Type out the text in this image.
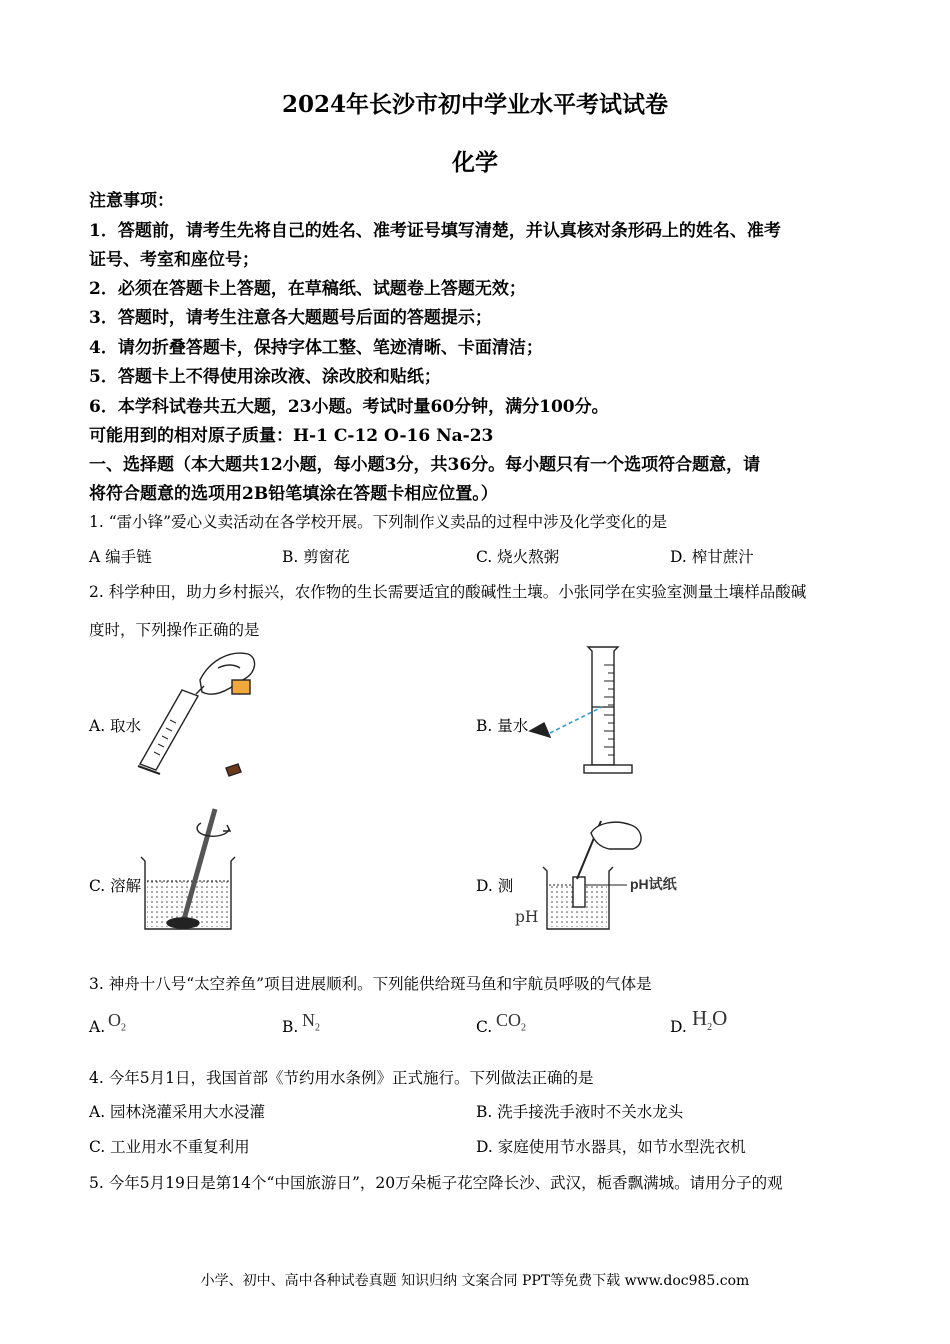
2024年长沙市初中学业水平考试试卷
化学
注意事项：
1．答题前，请考生先将自己的姓名、准考证号填写清楚，并认真核对条形码上的姓名、准考
证号、考室和座位号；
2．必须在答题卡上答题，在草稿纸、试题卷上答题无效；
3．答题时，请考生注意各大题题号后面的答题提示；
4．请勿折叠答题卡，保持字体工整、笔迹清晰、卡面清洁；
5．答题卡上不得使用涂改液、涂改胶和贴纸；
6．本学科试卷共五大题，23小题。考试时量60分钟，满分100分。
可能用到的相对原子质量：H-1 C-12 O-16 Na-23
一、选择题（本大题共12小题，每小题3分，共36分。每小题只有一个选项符合题意，请
将符合题意的选项用2B铅笔填涂在答题卡相应位置。）
1. “雷小锋”爱心义卖活动在各学校开展。下列制作义卖品的过程中涉及化学变化的是
A 编手链	B. 剪窗花	C. 烧火熬粥	D. 榨甘蔗汁
2. 科学种田，助力乡村振兴，农作物的生长需要适宜的酸碱性土壤。小张同学在实验室测量土壤样品酸碱
度时，下列操作正确的是
A. 取水	B. 量水
C. 溶解	D. 测
pH
pH试纸
3. 神舟十八号“太空养鱼”项目进展顺利。下列能供给斑马鱼和宇航员呼吸的气体是
A. $O_2$	B. $N_2$	C. $CO_2$	D. $H_2O$
4. 今年5月1日，我国首部《节约用水条例》正式施行。下列做法正确的是
A. 园林浇灌采用大水浸灌	B. 洗手接洗手液时不关水龙头
C. 工业用水不重复利用	D. 家庭使用节水器具，如节水型洗衣机
5. 今年5月19日是第14个“中国旅游日”，20万朵栀子花空降长沙、武汉，栀香飘满城。请用分子的观
小学、初中、高中各种试卷真题 知识归纳 文案合同 PPT等免费下载 www.doc985.com
